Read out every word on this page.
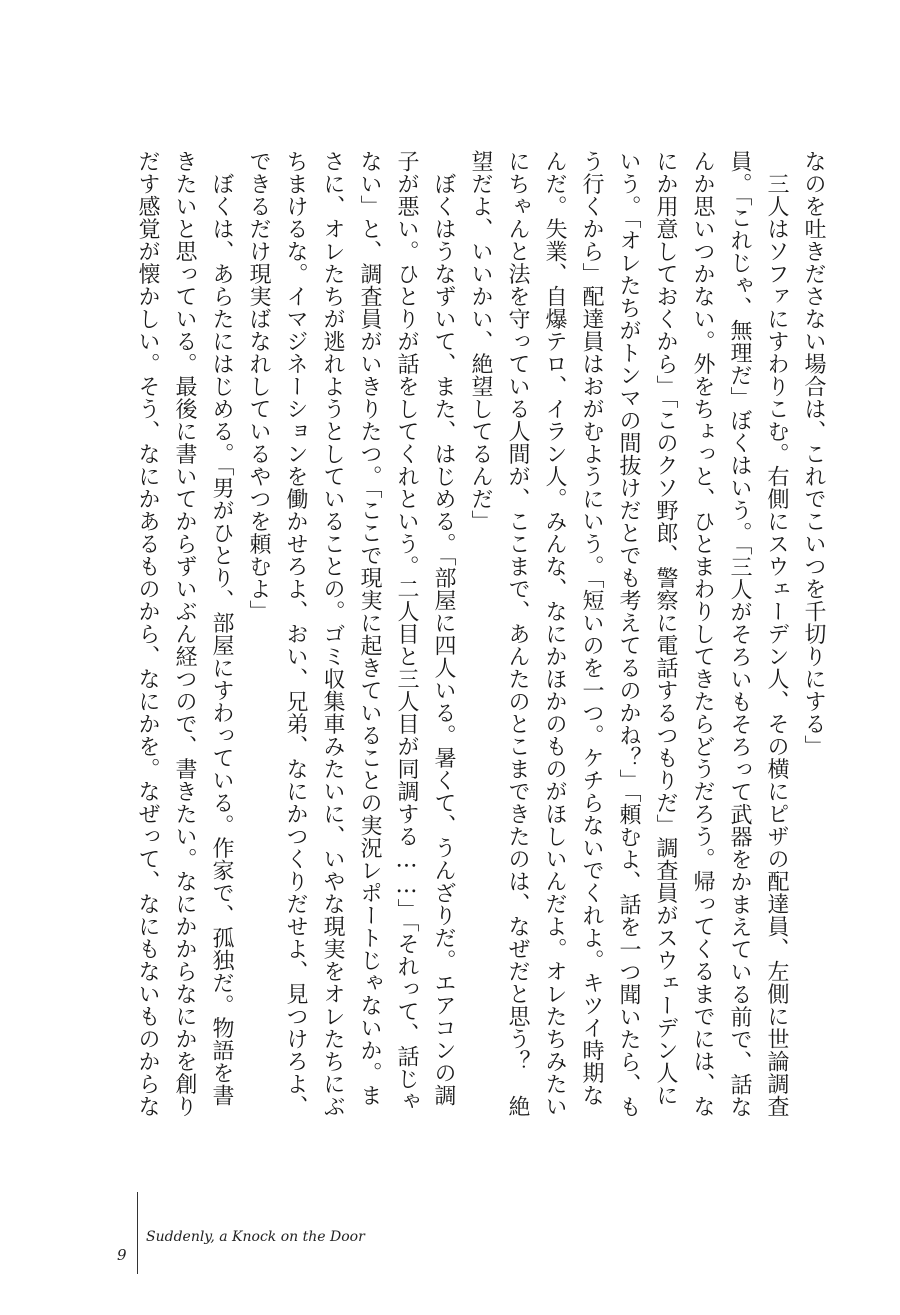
なのを吐きださない場合は、これでこいつを千切りにする」
　三人はソファにすわりこむ。右側にスウェーデン人、その横にピザの配達員、左側に世論調査
員。「これじゃ、無理だ」ぼくはいう。「三人がそろいもそろって武器をかまえている前で、話な
んか思いつかない。外をちょっと、ひとまわりしてきたらどうだろう。帰ってくるまでには、な
にか用意しておくから」「このクソ野郎、警察に電話するつもりだ」調査員がスウェーデン人に
いう。「オレたちがトンマの間抜けだとでも考えてるのかね？」「頼むよ、話を一つ聞いたら、も
う行くから」配達員はおがむようにいう。「短いのを一つ。ケチらないでくれよ。キツイ時期な
んだ。失業、自爆テロ、イラン人。みんな、なにかほかのものがほしいんだよ。オレたちみたい
にちゃんと法を守っている人間が、ここまで、あんたのとこまできたのは、なぜだと思う？　絶
望だよ、いいかい、絶望してるんだ」
　ぼくはうなずいて、また、はじめる。「部屋に四人いる。暑くて、うんざりだ。エアコンの調
子が悪い。ひとりが話をしてくれという。二人目と三人目が同調する……」「それって、話じゃ
ない」と、調査員がいきりたつ。「ここで現実に起きていることの実況レポートじゃないか。ま
さに、オレたちが逃れようとしていることの。ゴミ収集車みたいに、いやな現実をオレたちにぶ
ちまけるな。イマジネーションを働かせろよ、おい、兄弟、なにかつくりだせよ、見つけろよ、
できるだけ現実ばなれしているやつを頼むよ」
　ぼくは、あらたにはじめる。「男がひとり、部屋にすわっている。作家で、孤独だ。物語を書
きたいと思っている。最後に書いてからずいぶん経つので、書きたい。なにかからなにかを創り
だす感覚が懐かしい。そう、なにかあるものから、なにかを。なぜって、なにもないものからな
9
Suddenly, a Knock on the Door
